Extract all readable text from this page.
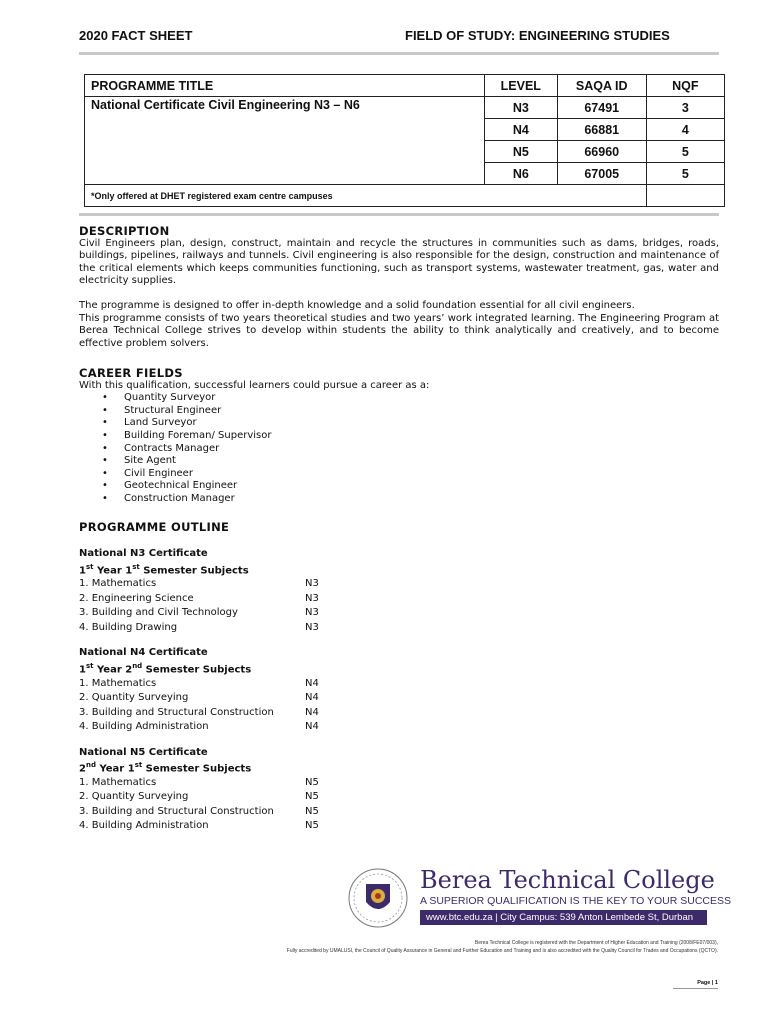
2020 FACT SHEET	FIELD OF STUDY: ENGINEERING STUDIES
PROGRAMME TITLE	LEVEL	SAQA ID	NQF
National Certificate Civil Engineering N3 – N6	N3	67491	3
	N4	66881	4
	N5	66960	5
	N6	67005	5
*Only offered at DHET registered exam centre campuses			
DESCRIPTION
Civil Engineers plan, design, construct, maintain and recycle the structures in communities such as dams, bridges, roads, buildings, pipelines, railways and tunnels. Civil engineering is also responsible for the design, construction and maintenance of the critical elements which keeps communities functioning, such as transport systems, wastewater treatment, gas, water and electricity supplies.
The programme is designed to offer in-depth knowledge and a solid foundation essential for all civil engineers.
This programme consists of two years theoretical studies and two years’ work integrated learning. The Engineering Program at Berea Technical College strives to develop within students the ability to think analytically and creatively, and to become effective problem solvers.
CAREER FIELDS
With this qualification, successful learners could pursue a career as a:
• Quantity Surveyor
• Structural Engineer
• Land Surveyor
• Building Foreman/ Supervisor
• Contracts Manager
• Site Agent
• Civil Engineer
• Geotechnical Engineer
• Construction Manager
PROGRAMME OUTLINE
National N3 Certificate
1st Year 1st Semester Subjects
1. Mathematics	N3
2. Engineering Science	N3
3. Building and Civil Technology	N3
4. Building Drawing	N3
National N4 Certificate
1st Year 2nd Semester Subjects
1. Mathematics	N4
2. Quantity Surveying	N4
3. Building and Structural Construction	N4
4. Building Administration	N4
National N5 Certificate
2nd Year 1st Semester Subjects
1. Mathematics	N5
2. Quantity Surveying	N5
3. Building and Structural Construction	N5
4. Building Administration	N5
Berea Technical College
A SUPERIOR QUALIFICATION IS THE KEY TO YOUR SUCCESS
www.btc.edu.za | City Campus: 539 Anton Lembede St, Durban
Berea Technical College is registered with the Department of Higher Education and Training (2008/FE07/003),
Fully accredited by UMALUSI, the Council of Quality Assurance in General and Further Education and Training and is also accredited with the Quality Council for Trades and Occupations (QCTO).
Page | 1
